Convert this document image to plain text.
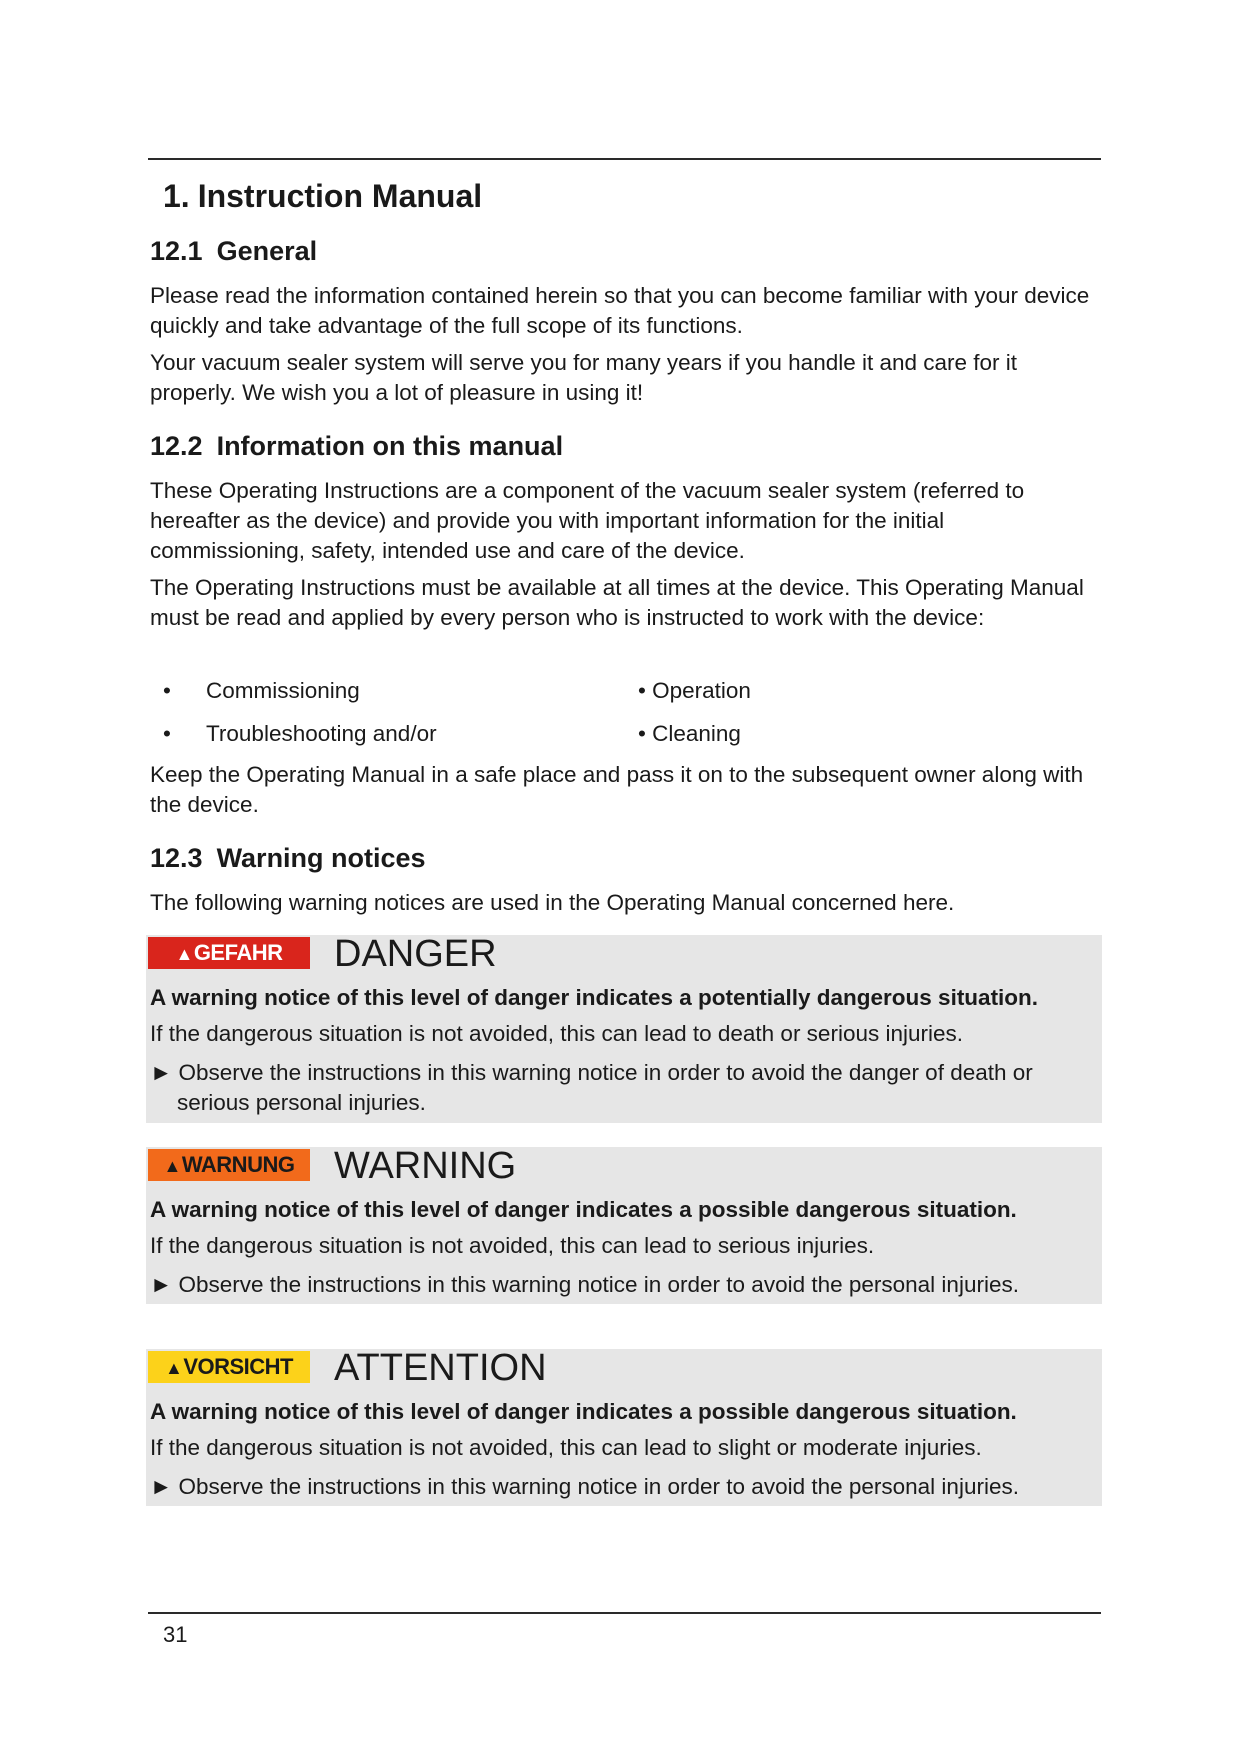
1. Instruction Manual
12.1 General
Please read the information contained herein so that you can become familiar with your device quickly and take advantage of the full scope of its functions.
Your vacuum sealer system will serve you for many years if you handle it and care for it properly. We wish you a lot of pleasure in using it!
12.2 Information on this manual
These Operating Instructions are a component of the vacuum sealer system (referred to hereafter as the device) and provide you with important information for the initial commissioning, safety, intended use and care of the device.
The Operating Instructions must be available at all times at the device. This Operating Manual must be read and applied by every person who is instructed to work with the device:
• Commissioning	• Operation
• Troubleshooting and/or	• Cleaning
Keep the Operating Manual in a safe place and pass it on to the subsequent owner along with the device.
12.3 Warning notices
The following warning notices are used in the Operating Manual concerned here.
▲GEFAHR	DANGER
A warning notice of this level of danger indicates a potentially dangerous situation.
If the dangerous situation is not avoided, this can lead to death or serious injuries.
► Observe the instructions in this warning notice in order to avoid the danger of death or serious personal injuries.
▲WARNUNG	WARNING
A warning notice of this level of danger indicates a possible dangerous situation.
If the dangerous situation is not avoided, this can lead to serious injuries.
► Observe the instructions in this warning notice in order to avoid the personal injuries.
▲VORSICHT	ATTENTION
A warning notice of this level of danger indicates a possible dangerous situation.
If the dangerous situation is not avoided, this can lead to slight or moderate injuries.
► Observe the instructions in this warning notice in order to avoid the personal injuries.
31
